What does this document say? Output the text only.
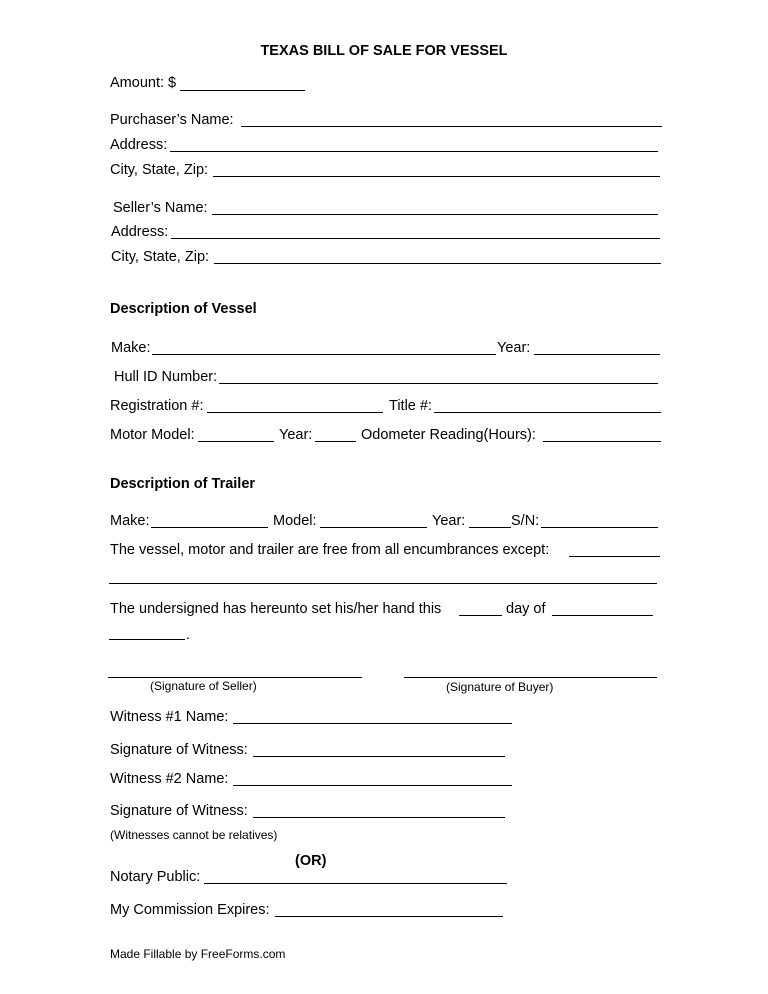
TEXAS BILL OF SALE FOR VESSEL
Amount: $
Purchaser’s Name:
Address:
City, State, Zip:
Seller’s Name:
Address:
City, State, Zip:
Description of Vessel
Make:	Year:
Hull ID Number:
Registration #:	Title #:
Motor Model:	Year:	Odometer Reading(Hours):
Description of Trailer
Make:	Model:	Year:	S/N:
The vessel, motor and trailer are free from all encumbrances except:
The undersigned has hereunto set his/her hand this	day of
.
(Signature of Seller)	(Signature of Buyer)
Witness #1 Name:
Signature of Witness:
Witness #2 Name:
Signature of Witness:
(Witnesses cannot be relatives)
(OR)
Notary Public:
My Commission Expires:
Made Fillable by FreeForms.com
